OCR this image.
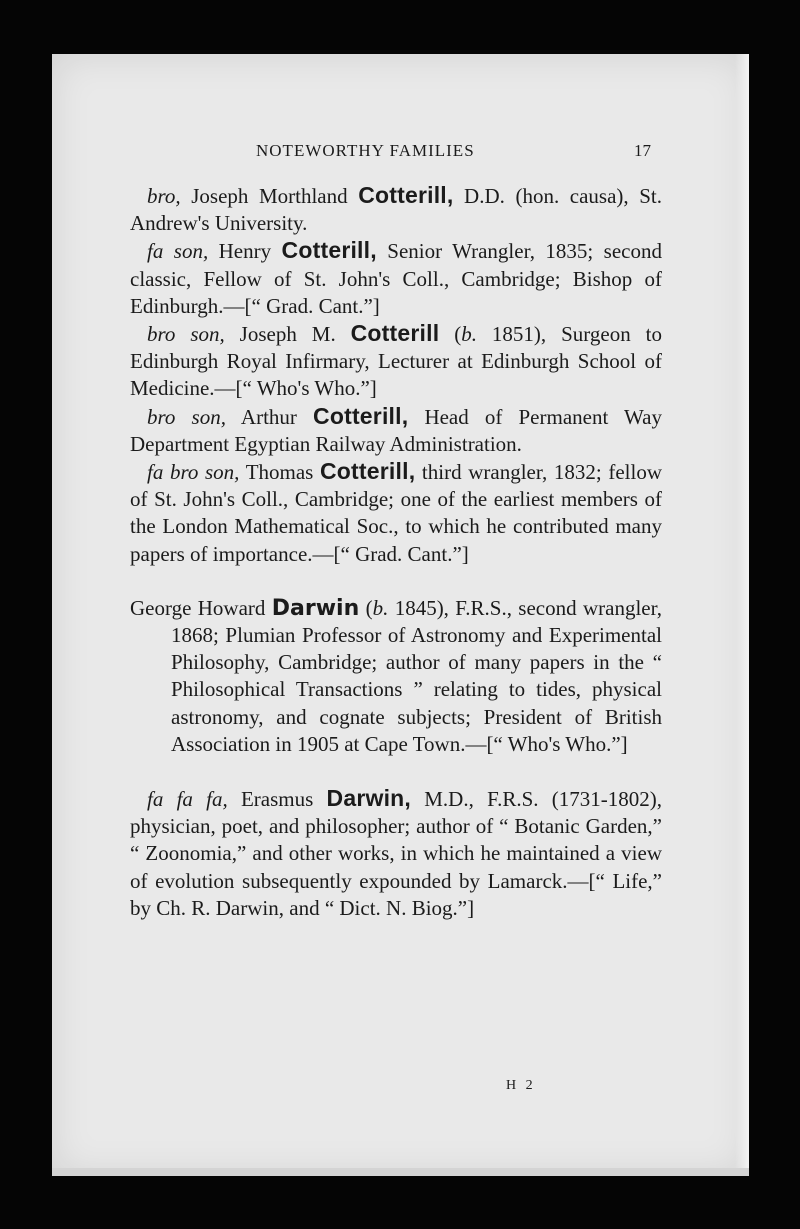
NOTEWORTHY FAMILIES	17

bro, Joseph Morthland Cotterill, D.D. (hon. causa), St. Andrew's University.

fa son, Henry Cotterill, Senior Wrangler, 1835; second classic, Fellow of St. John's Coll., Cambridge; Bishop of Edinburgh.—[“ Grad. Cant.”]

bro son, Joseph M. Cotterill (b. 1851), Surgeon to Edinburgh Royal Infirmary, Lecturer at Edinburgh School of Medicine.—[“ Who's Who.”]

bro son, Arthur Cotterill, Head of Permanent Way Department Egyptian Railway Administration.

fa bro son, Thomas Cotterill, third wrangler, 1832; fellow of St. John's Coll., Cambridge; one of the earliest members of the London Mathematical Soc., to which he contributed many papers of importance.—[“ Grad. Cant.”]

George Howard Darwin (b. 1845), F.R.S., second wrangler, 1868; Plumian Professor of Astronomy and Experimental Philosophy, Cambridge; author of many papers in the “ Philosophical Transactions ” relating to tides, physical astronomy, and cognate subjects; President of British Association in 1905 at Cape Town.—[“ Who's Who.”]

fa fa fa, Erasmus Darwin, M.D., F.R.S. (1731-1802), physician, poet, and philosopher; author of “ Botanic Garden,” “ Zoonomia,” and other works, in which he maintained a view of evolution subsequently expounded by Lamarck.—[“ Life,” by Ch. R. Darwin, and “ Dict. N. Biog.”]

H 2
